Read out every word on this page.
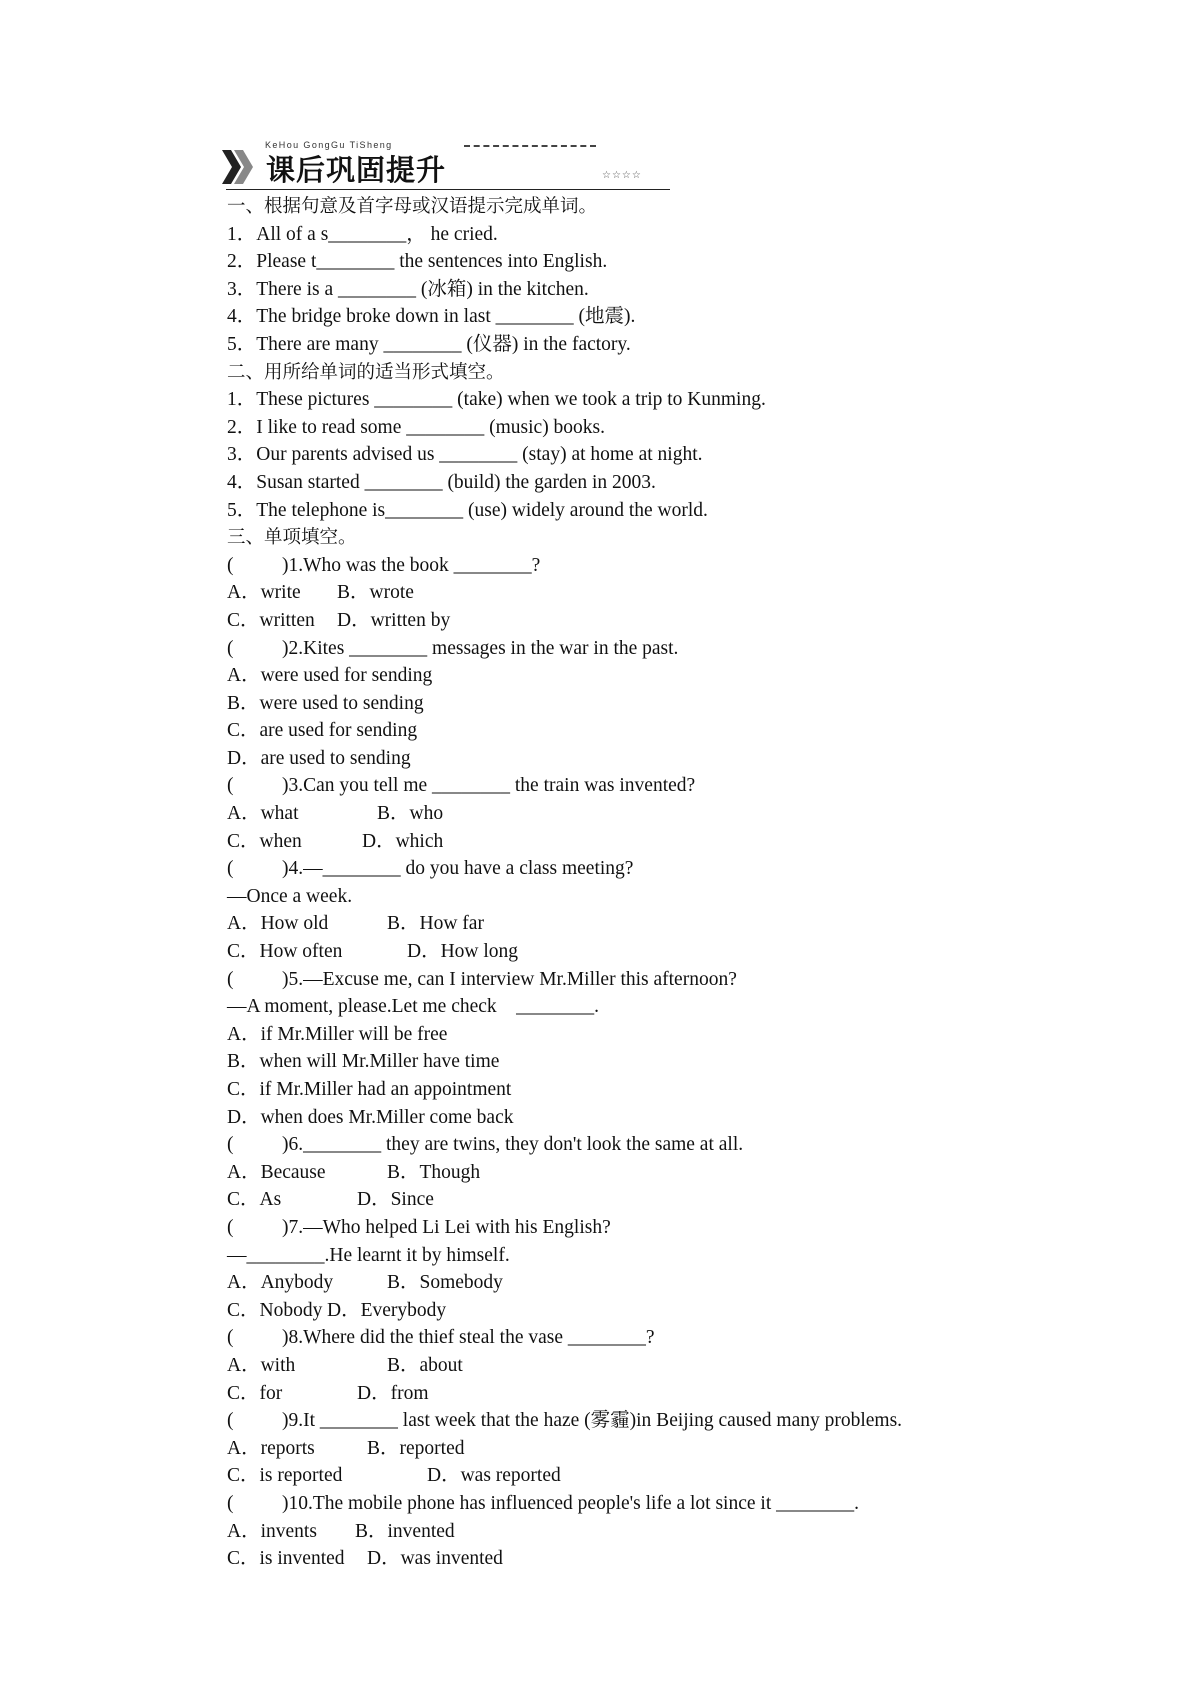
KeHou GongGu TiSheng
课后巩固提升	☆☆☆☆
一、根据句意及首字母或汉语提示完成单词。
1．All of a s________， he cried.
2．Please t________ the sentences into English.
3．There is a ________ (冰箱) in the kitchen.
4．The bridge broke down in last ________ (地震).
5．There are many ________ (仪器) in the factory.
二、用所给单词的适当形式填空。
1．These pictures ________ (take) when we took a trip to Kunming.
2．I like to read some ________ (music) books.
3．Our parents advised us ________ (stay) at home at night.
4．Susan started ________ (build) the garden in 2003.
5．The telephone is________ (use) widely around the world.
三、单项填空。
( )1.Who was the book ________?
A．write	B．wrote
C．written	D．written by
( )2.Kites ________ messages in the war in the past.
A．were used for sending
B．were used to sending
C．are used for sending
D．are used to sending
( )3.Can you tell me ________ the train was invented?
A．what	B．who
C．when	D．which
( )4.—________ do you have a class meeting?
—Once a week.
A．How old	B．How far
C．How often	D．How long
( )5.—Excuse me, can I interview Mr.Miller this afternoon?
—A moment, please.Let me check　________.
A．if Mr.Miller will be free
B．when will Mr.Miller have time
C．if Mr.Miller had an appointment
D．when does Mr.Miller come back
( )6.________ they are twins, they don't look the same at all.
A．Because	B．Though
C．As	D．Since
( )7.—Who helped Li Lei with his English?
—________.He learnt it by himself.
A．Anybody	B．Somebody
C．Nobody D．Everybody
( )8.Where did the thief steal the vase ________?
A．with	B．about
C．for	D．from
( )9.It ________ last week that the haze (雾霾)in Beijing caused many problems.
A．reports	B．reported
C．is reported	D．was reported
( )10.The mobile phone has influenced people's life a lot since it ________.
A．invents	B．invented
C．is invented	D．was invented
